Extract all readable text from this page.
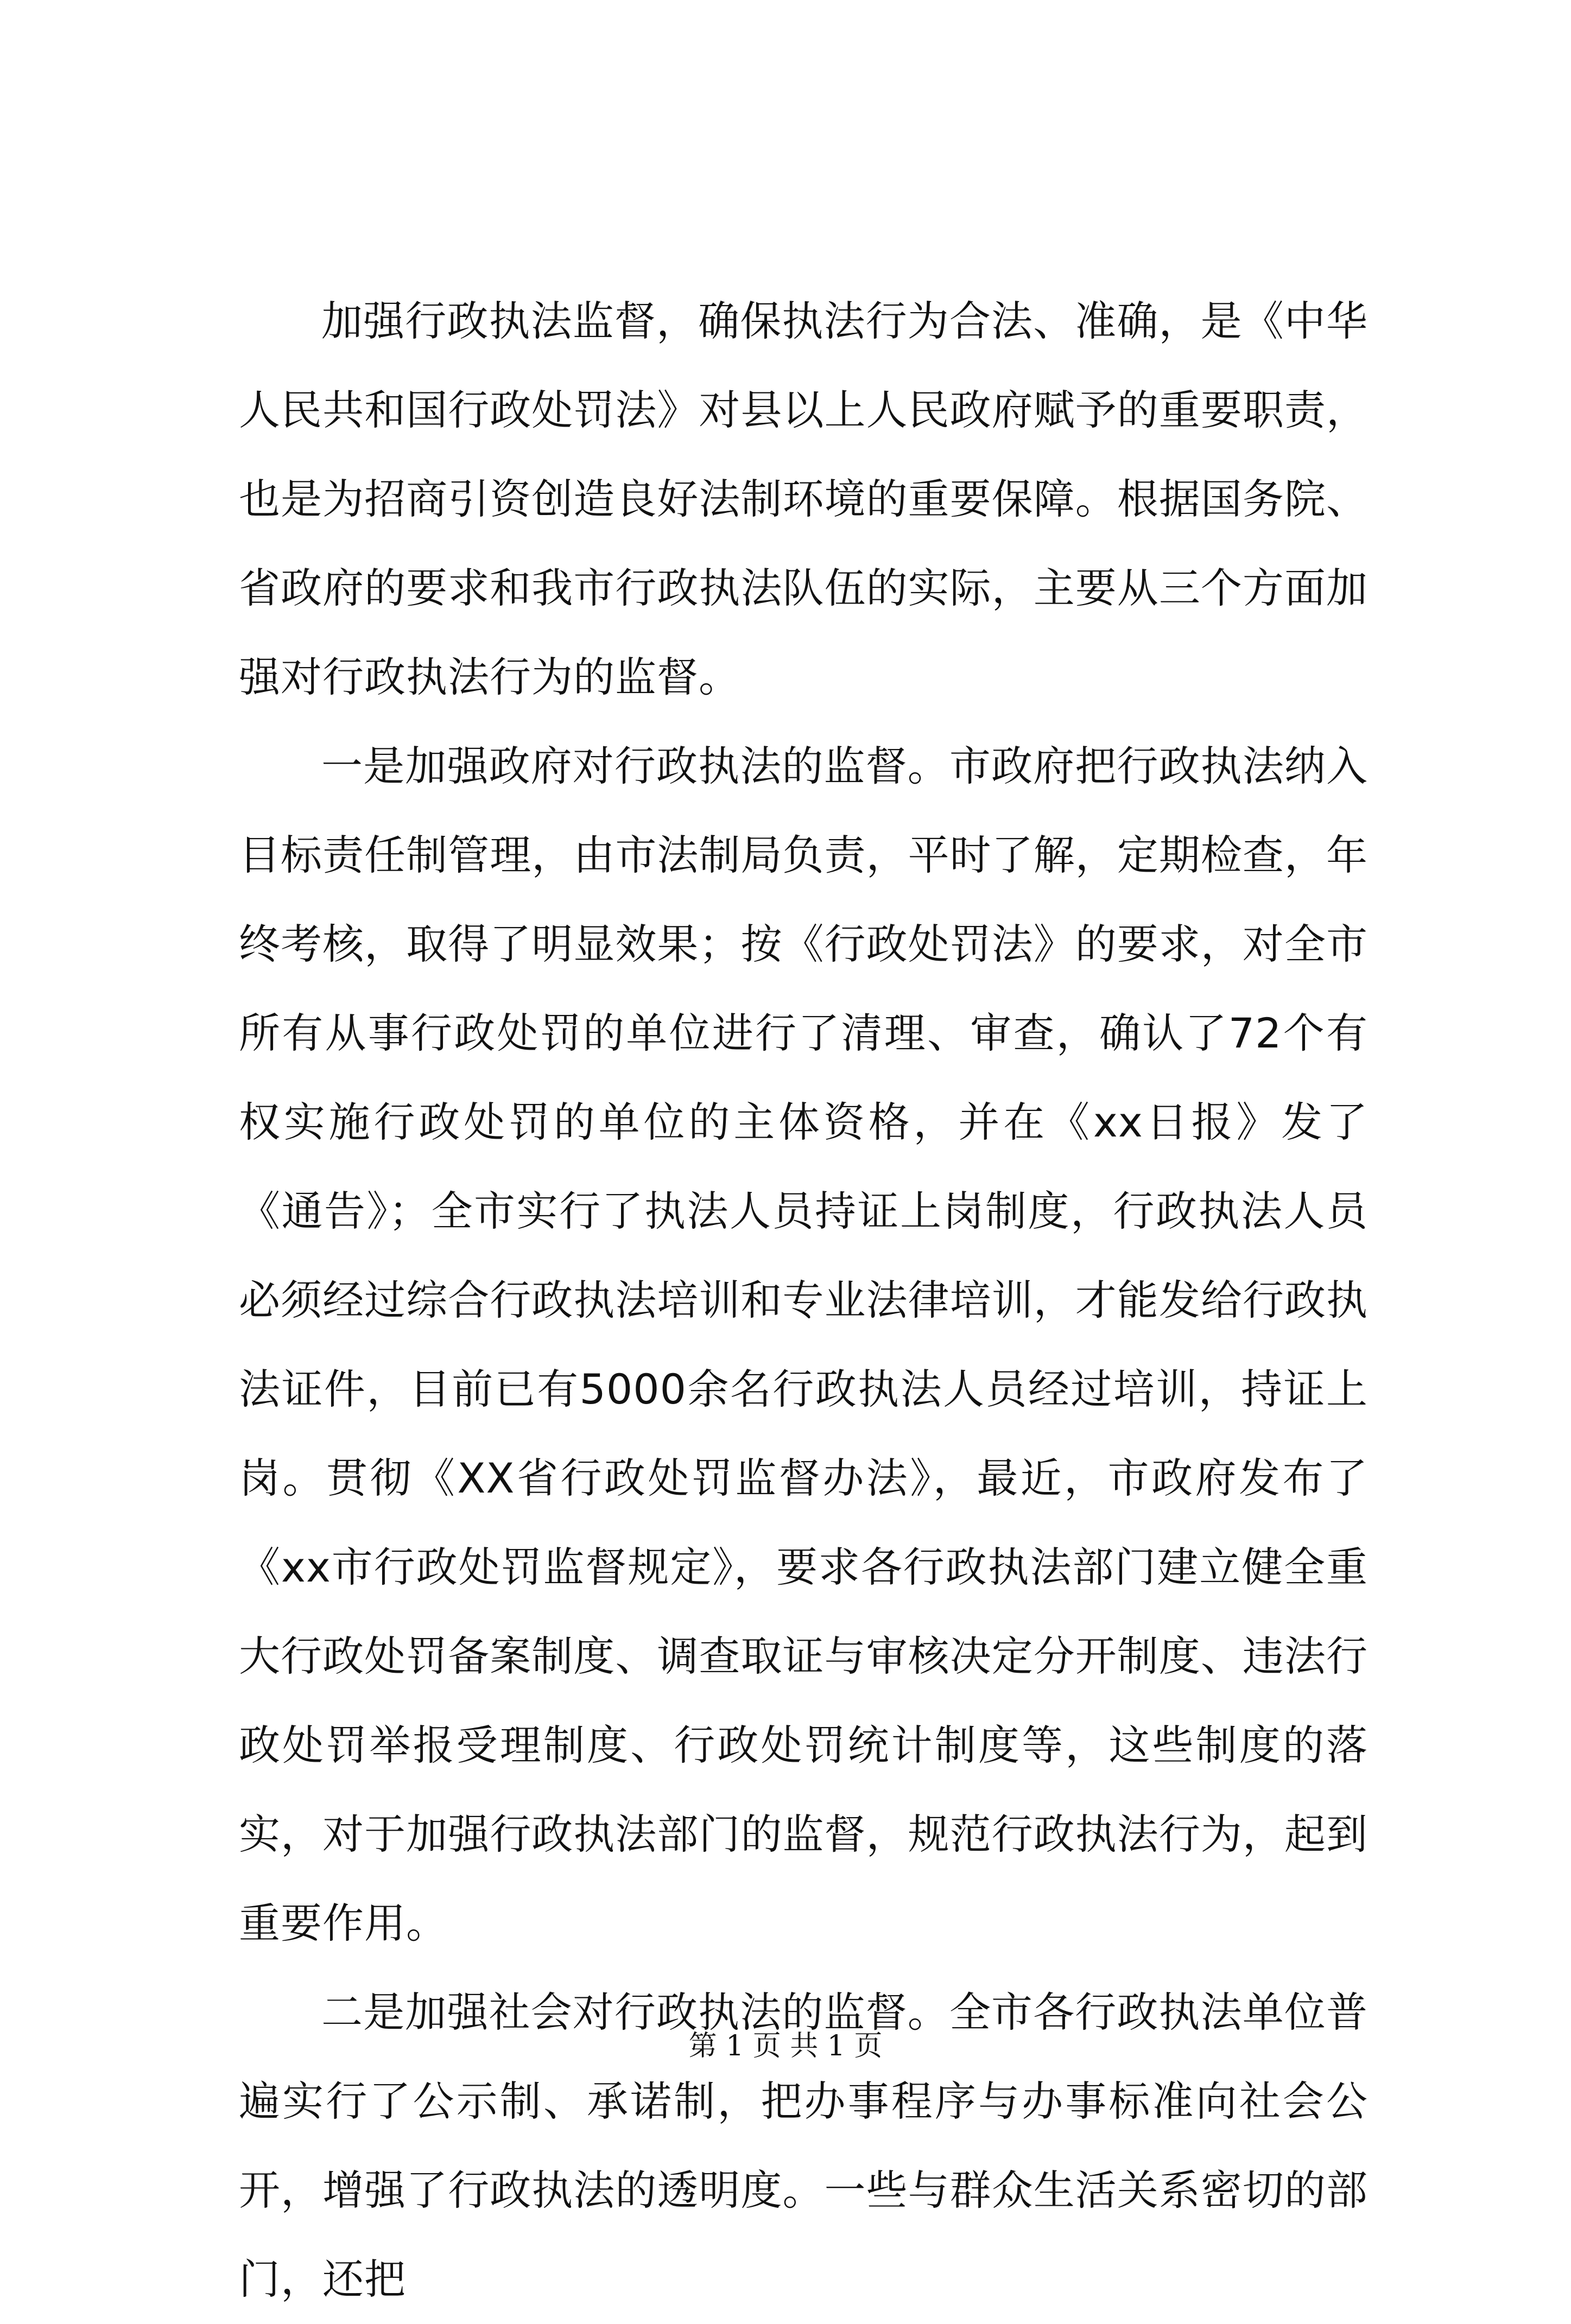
加强行政执法监督，确保执法行为合法、准确，是《中华人民共和国行政处罚法》对县以上人民政府赋予的重要职责，也是为招商引资创造良好法制环境的重要保障。根据国务院、省政府的要求和我市行政执法队伍的实际，主要从三个方面加强对行政执法行为的监督。

一是加强政府对行政执法的监督。市政府把行政执法纳入目标责任制管理，由市法制局负责，平时了解，定期检查，年终考核，取得了明显效果；按《行政处罚法》的要求，对全市所有从事行政处罚的单位进行了清理、审查，确认了72个有权实施行政处罚的单位的主体资格，并在《xx日报》发了《通告》；全市实行了执法人员持证上岗制度，行政执法人员必须经过综合行政执法培训和专业法律培训，才能发给行政执法证件，目前已有5000余名行政执法人员经过培训，持证上岗。贯彻《XX省行政处罚监督办法》，最近，市政府发布了《xx市行政处罚监督规定》，要求各行政执法部门建立健全重大行政处罚备案制度、调查取证与审核决定分开制度、违法行政处罚举报受理制度、行政处罚统计制度等，这些制度的落实，对于加强行政执法部门的监督，规范行政执法行为，起到重要作用。

二是加强社会对行政执法的监督。全市各行政执法单位普遍实行了公示制、承诺制，把办事程序与办事标准向社会公开，增强了行政执法的透明度。一些与群众生活关系密切的部门，还把

第 1 页 共 1 页
